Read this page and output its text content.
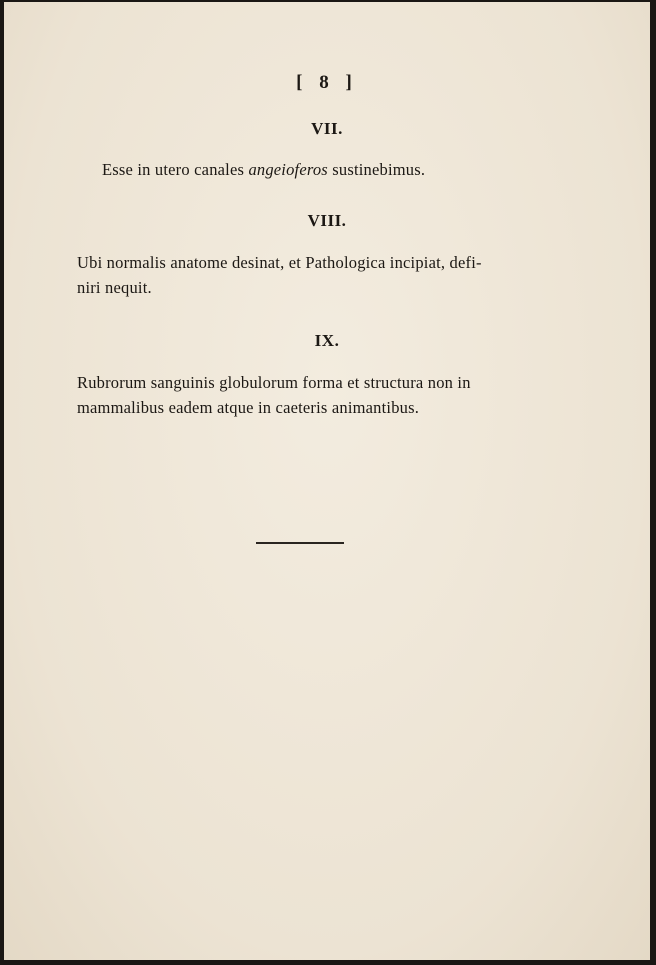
[ 8 ]
VII.
Esse in utero canales angeioferos sustinebimus.
VIII.
Ubi normalis anatome desinat, et Pathologica incipiat, defi-
niri nequit.
IX.
Rubrorum sanguinis globulorum forma et structura non in
mammalibus eadem atque in caeteris animantibus.
